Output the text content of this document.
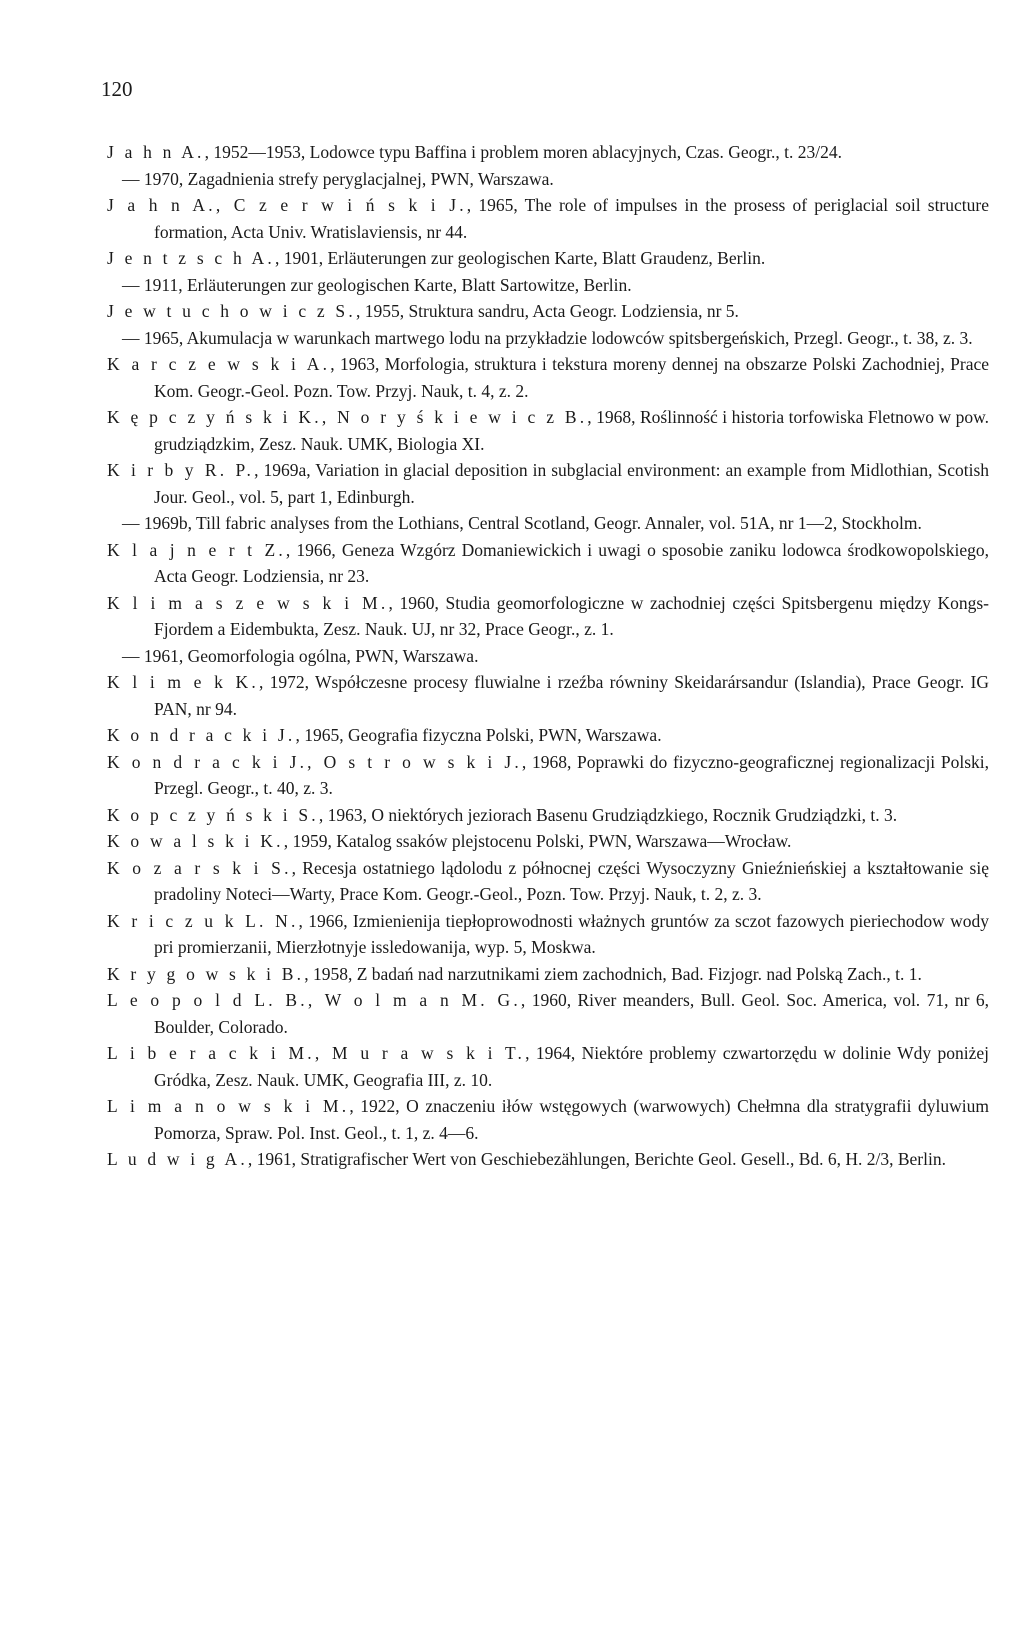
120
J a h n A., 1952—1953, Lodowce typu Baffina i problem moren ablacyjnych, Czas. Geogr., t. 23/24.
— 1970, Zagadnienia strefy peryglacjalnej, PWN, Warszawa.
J a h n A., C z e r w i ń s k i J., 1965, The role of impulses in the prosess of periglacial soil structure formation, Acta Univ. Wratislaviensis, nr 44.
J e n t z s c h A., 1901, Erläuterungen zur geologischen Karte, Blatt Graudenz, Berlin.
— 1911, Erläuterungen zur geologischen Karte, Blatt Sartowitze, Berlin.
J e w t u c h o w i c z S., 1955, Struktura sandru, Acta Geogr. Lodziensia, nr 5.
— 1965, Akumulacja w warunkach martwego lodu na przykładzie lodowców spitsbergeńskich, Przegl. Geogr., t. 38, z. 3.
K a r c z e w s k i A., 1963, Morfologia, struktura i tekstura moreny dennej na obszarze Polski Zachodniej, Prace Kom. Geogr.-Geol. Pozn. Tow. Przyj. Nauk, t. 4, z. 2.
K ę p c z y ń s k i K., N o r y ś k i e w i c z B., 1968, Roślinność i historia torfowiska Fletnowo w pow. grudziądzkim, Zesz. Nauk. UMK, Biologia XI.
K i r b y R. P., 1969a, Variation in glacial deposition in subglacial environment: an example from Midlothian, Scotish Jour. Geol., vol. 5, part 1, Edinburgh.
— 1969b, Till fabric analyses from the Lothians, Central Scotland, Geogr. Annaler, vol. 51A, nr 1—2, Stockholm.
K l a j n e r t Z., 1966, Geneza Wzgórz Domaniewickich i uwagi o sposobie zaniku lodowca środkowopolskiego, Acta Geogr. Lodziensia, nr 23.
K l i m a s z e w s k i M., 1960, Studia geomorfologiczne w zachodniej części Spitsbergenu między Kongs-Fjordem a Eidembukta, Zesz. Nauk. UJ, nr 32, Prace Geogr., z. 1.
— 1961, Geomorfologia ogólna, PWN, Warszawa.
K l i m e k K., 1972, Współczesne procesy fluwialne i rzeźba równiny Skeidarársandur (Islandia), Prace Geogr. IG PAN, nr 94.
K o n d r a c k i J., 1965, Geografia fizyczna Polski, PWN, Warszawa.
K o n d r a c k i J., O s t r o w s k i J., 1968, Poprawki do fizyczno-geograficznej regionalizacji Polski, Przegl. Geogr., t. 40, z. 3.
K o p c z y ń s k i S., 1963, O niektórych jeziorach Basenu Grudziądzkiego, Rocznik Grudziądzki, t. 3.
K o w a l s k i K., 1959, Katalog ssaków plejstocenu Polski, PWN, Warszawa—Wrocław.
K o z a r s k i S., Recesja ostatniego lądolodu z północnej części Wysoczyzny Gnieźnieńskiej a kształtowanie się pradoliny Noteci—Warty, Prace Kom. Geogr.-Geol., Pozn. Tow. Przyj. Nauk, t. 2, z. 3.
K r i c z u k L. N., 1966, Izmienienija tiepłoprowodnosti włażnych gruntów za sczot fazowych pieriechodow wody pri promierzanii, Mierzłotnyje issledowanija, wyp. 5, Moskwa.
K r y g o w s k i B., 1958, Z badań nad narzutnikami ziem zachodnich, Bad. Fizjogr. nad Polską Zach., t. 1.
L e o p o l d L. B., W o l m a n M. G., 1960, River meanders, Bull. Geol. Soc. America, vol. 71, nr 6, Boulder, Colorado.
L i b e r a c k i M., M u r a w s k i T., 1964, Niektóre problemy czwartorzędu w dolinie Wdy poniżej Gródka, Zesz. Nauk. UMK, Geografia III, z. 10.
L i m a n o w s k i M., 1922, O znaczeniu iłów wstęgowych (warwowych) Chełmna dla stratygrafii dyluwium Pomorza, Spraw. Pol. Inst. Geol., t. 1, z. 4—6.
L u d w i g A., 1961, Stratigrafischer Wert von Geschiebezählungen, Berichte Geol. Gesell., Bd. 6, H. 2/3, Berlin.
